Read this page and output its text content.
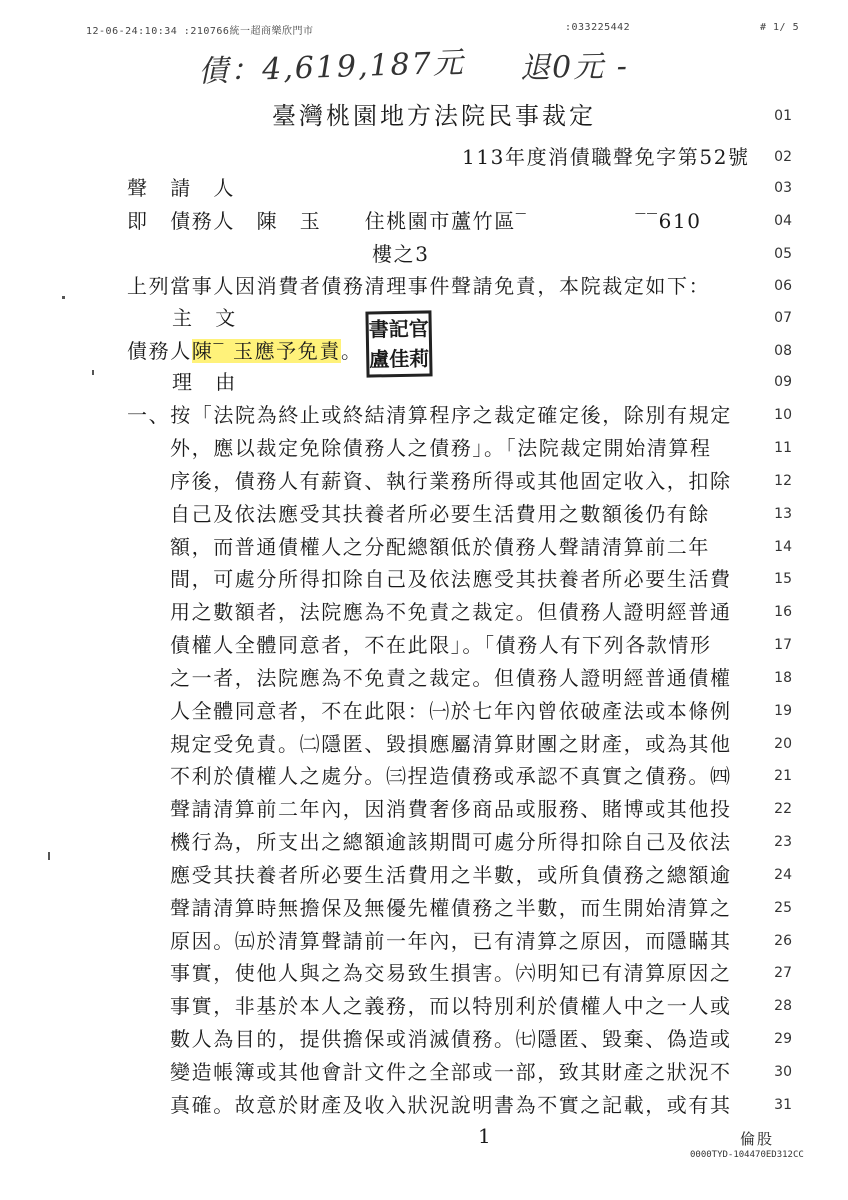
12-06-24:10:34 :210766統一超商樂欣門市	:033225442	# 1/ 5
債：4,619,187元 退0元 -
臺灣桃園地方法院民事裁定	01
113年度消債職聲免字第52號	02
聲　請　人	03
即　債務人　陳　玉　　住桃園市蘆竹區‾　　　　　‾‾610	04
樓之3	05
上列當事人因消費者債務清理事件聲請免責，本院裁定如下：	06
主　文	07
債務人陳‾ 玉應予免責。	08
理　由	09
一、按「法院為終止或終結清算程序之裁定確定後，除別有規定	10
外，應以裁定免除債務人之債務」。「法院裁定開始清算程	11
序後，債務人有薪資、執行業務所得或其他固定收入，扣除	12
自己及依法應受其扶養者所必要生活費用之數額後仍有餘	13
額，而普通債權人之分配總額低於債務人聲請清算前二年	14
間，可處分所得扣除自己及依法應受其扶養者所必要生活費	15
用之數額者，法院應為不免責之裁定。但債務人證明經普通	16
債權人全體同意者，不在此限」。「債務人有下列各款情形	17
之一者，法院應為不免責之裁定。但債務人證明經普通債權	18
人全體同意者，不在此限：㈠於七年內曾依破產法或本條例	19
規定受免責。㈡隱匿、毀損應屬清算財團之財產，或為其他	20
不利於債權人之處分。㈢捏造債務或承認不真實之債務。㈣	21
聲請清算前二年內，因消費奢侈商品或服務、賭博或其他投	22
機行為，所支出之總額逾該期間可處分所得扣除自己及依法	23
應受其扶養者所必要生活費用之半數，或所負債務之總額逾	24
聲請清算時無擔保及無優先權債務之半數，而生開始清算之	25
原因。㈤於清算聲請前一年內，已有清算之原因，而隱瞞其	26
事實，使他人與之為交易致生損害。㈥明知已有清算原因之	27
事實，非基於本人之義務，而以特別利於債權人中之一人或	28
數人為目的，提供擔保或消滅債務。㈦隱匿、毀棄、偽造或	29
變造帳簿或其他會計文件之全部或一部，致其財產之狀況不	30
真確。故意於財產及收入狀況說明書為不實之記載，或有其	31
書 記 官
盧 佳 莉
1	倫股
0000TYD-104470ED312CC
